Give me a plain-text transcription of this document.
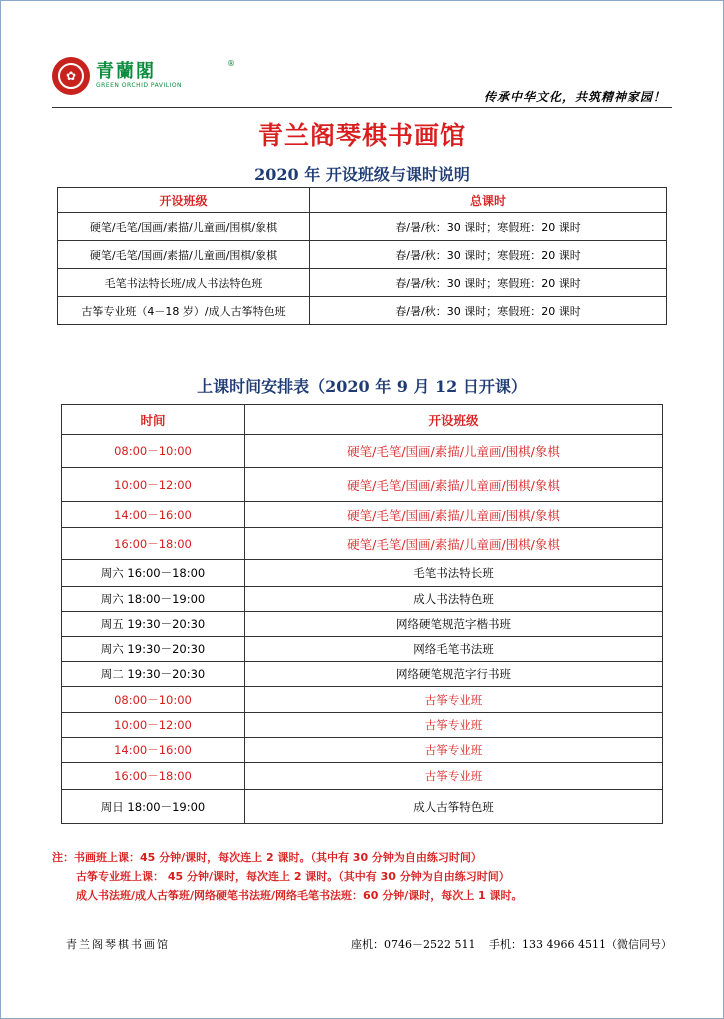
✿	青蘭閣
GREEN ORCHID PAVILION
®
传承中华文化，共筑精神家园！
青兰阁琴棋书画馆
2020 年 开设班级与课时说明
开设班级	总课时
硬笔/毛笔/国画/素描/儿童画/围棋/象棋	春/暑/秋：30 课时；寒假班：20 课时
硬笔/毛笔/国画/素描/儿童画/围棋/象棋	春/暑/秋：30 课时；寒假班：20 课时
毛笔书法特长班/成人书法特色班	春/暑/秋：30 课时；寒假班：20 课时
古筝专业班（4－18 岁）/成人古筝特色班	春/暑/秋：30 课时；寒假班：20 课时
上课时间安排表（2020 年 9 月 12 日开课）
时间	开设班级
08:00－10:00	硬笔/毛笔/国画/素描/儿童画/围棋/象棋
10:00－12:00	硬笔/毛笔/国画/素描/儿童画/围棋/象棋
14:00－16:00	硬笔/毛笔/国画/素描/儿童画/围棋/象棋
16:00－18:00	硬笔/毛笔/国画/素描/儿童画/围棋/象棋
周六 16:00－18:00	毛笔书法特长班
周六 18:00－19:00	成人书法特色班
周五 19:30－20:30	网络硬笔规范字楷书班
周六 19:30－20:30	网络毛笔书法班
周二 19:30－20:30	网络硬笔规范字行书班
08:00－10:00	古筝专业班
10:00－12:00	古筝专业班
14:00－16:00	古筝专业班
16:00－18:00	古筝专业班
周日 18:00－19:00	成人古筝特色班
注：书画班上课：45 分钟/课时，每次连上 2 课时。（其中有 30 分钟为自由练习时间）
古筝专业班上课： 45 分钟/课时，每次连上 2 课时。（其中有 30 分钟为自由练习时间）
成人书法班/成人古筝班/网络硬笔书法班/网络毛笔书法班：60 分钟/课时，每次上 1 课时。
青兰阁琴棋书画馆	座机：0746－2522 511 手机：133 4966 4511（微信同号）
